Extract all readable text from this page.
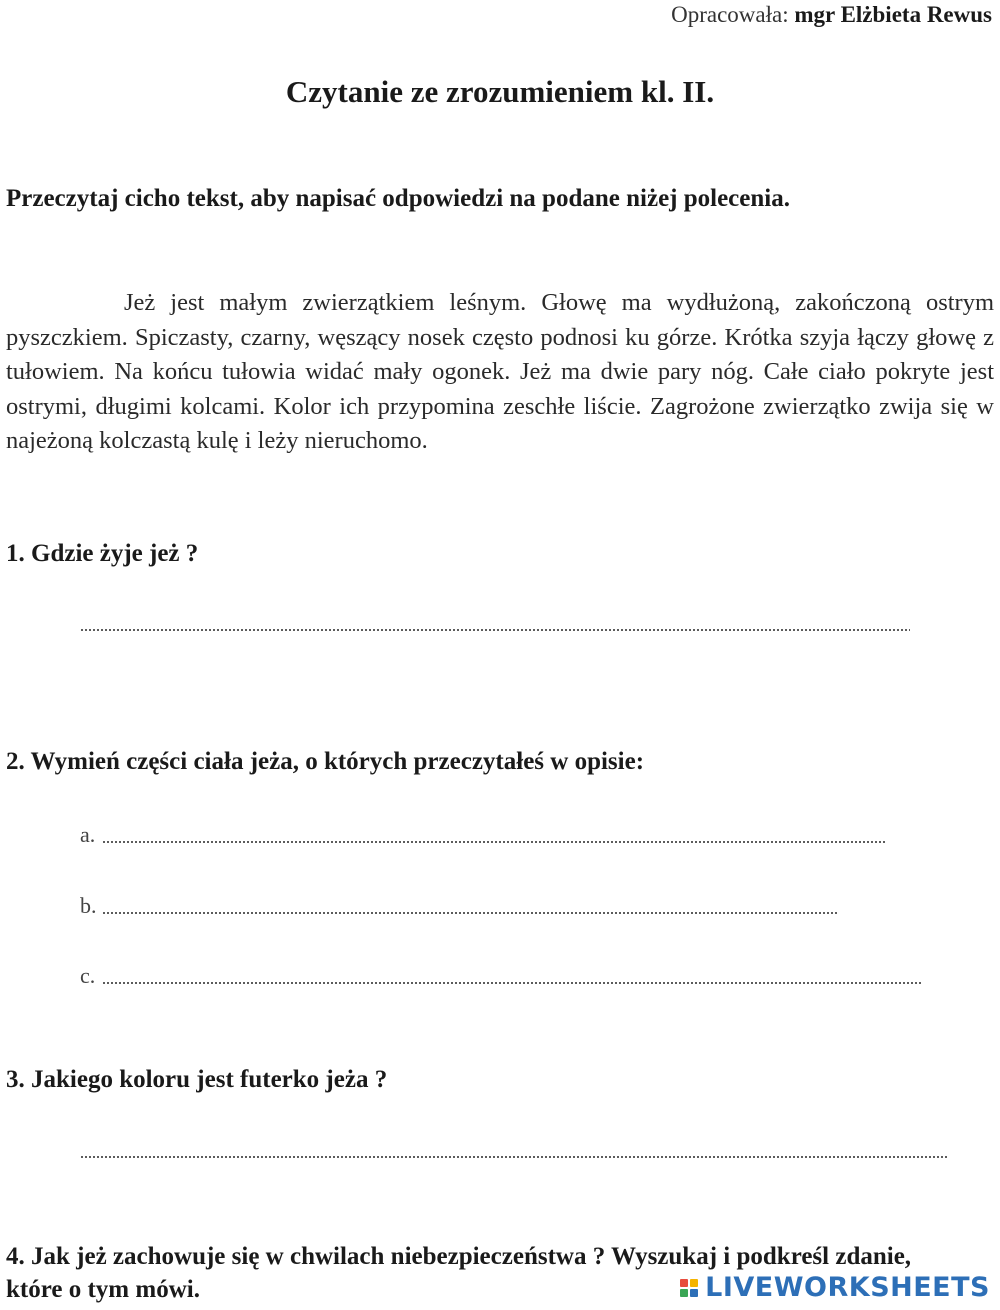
Opracowała: mgr Elżbieta Rewus
Czytanie ze zrozumieniem kl. II.
Przeczytaj cicho tekst, aby napisać odpowiedzi na podane niżej polecenia.
Jeż jest małym zwierzątkiem leśnym. Głowę ma wydłużoną, zakończoną ostrym pyszczkiem. Spiczasty, czarny, węszący nosek często podnosi ku górze. Krótka szyja łączy głowę z tułowiem. Na końcu tułowia widać mały ogonek. Jeż ma dwie pary nóg. Całe ciało pokryte jest ostrymi, długimi kolcami. Kolor ich przypomina zeschłe liście. Zagrożone zwierzątko zwija się w najeżoną kolczastą kulę i leży nieruchomo.
1. Gdzie żyje jeż ?
2. Wymień części ciała jeża, o których przeczytałeś w opisie:
a.
b.
c.
3. Jakiego koloru jest futerko jeża ?
4. Jak jeż zachowuje się w chwilach niebezpieczeństwa ? Wyszukaj i podkreśl zdanie, które o tym mówi.	LIVEWORKSHEETS
